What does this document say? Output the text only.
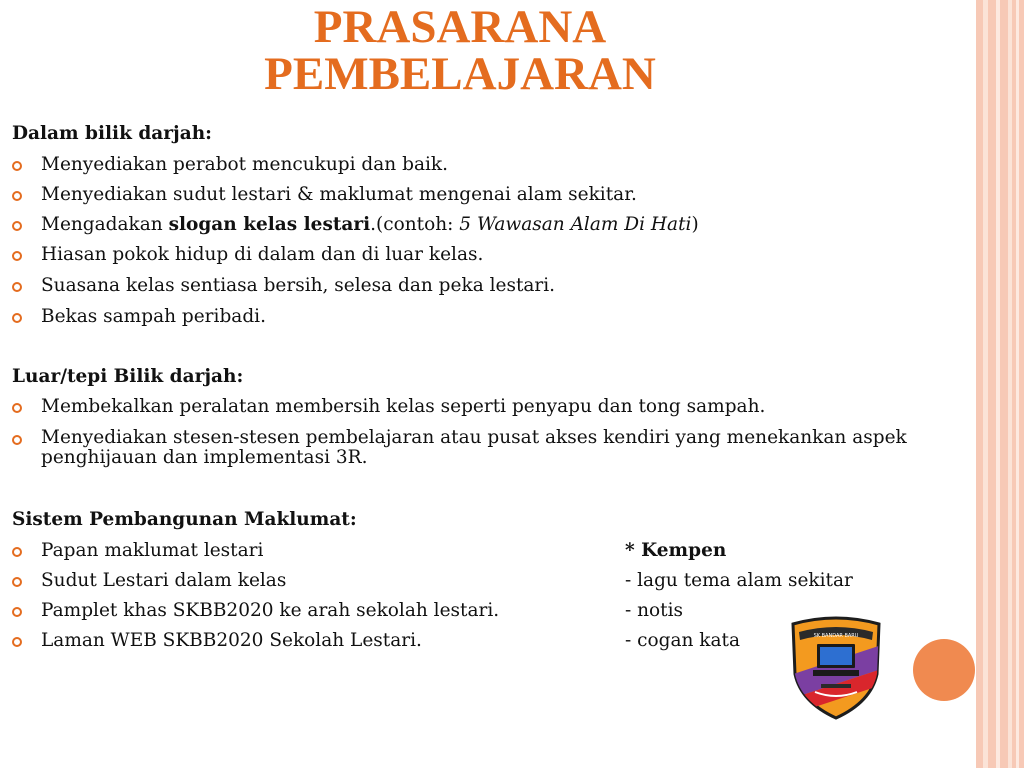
PRASARANA
PEMBELAJARAN
Dalam bilik darjah:
Menyediakan perabot mencukupi dan baik.
Menyediakan sudut lestari & maklumat mengenai alam sekitar.
Mengadakan slogan kelas lestari.(contoh: 5 Wawasan Alam Di Hati)
Hiasan pokok hidup di dalam dan di luar kelas.
Suasana kelas sentiasa bersih, selesa dan peka lestari.
Bekas sampah peribadi.
Luar/tepi Bilik darjah:
Membekalkan peralatan membersih kelas seperti penyapu dan tong sampah.
Menyediakan stesen-stesen pembelajaran atau pusat akses kendiri yang menekankan aspek penghijauan dan implementasi 3R.
Sistem Pembangunan Maklumat:
Papan maklumat lestari	* Kempen
Sudut Lestari dalam kelas	- lagu tema alam sekitar
Pamplet khas SKBB2020 ke arah sekolah lestari.	- notis
Laman WEB SKBB2020 Sekolah Lestari.	- cogan kata	SK BANDAR BARU
